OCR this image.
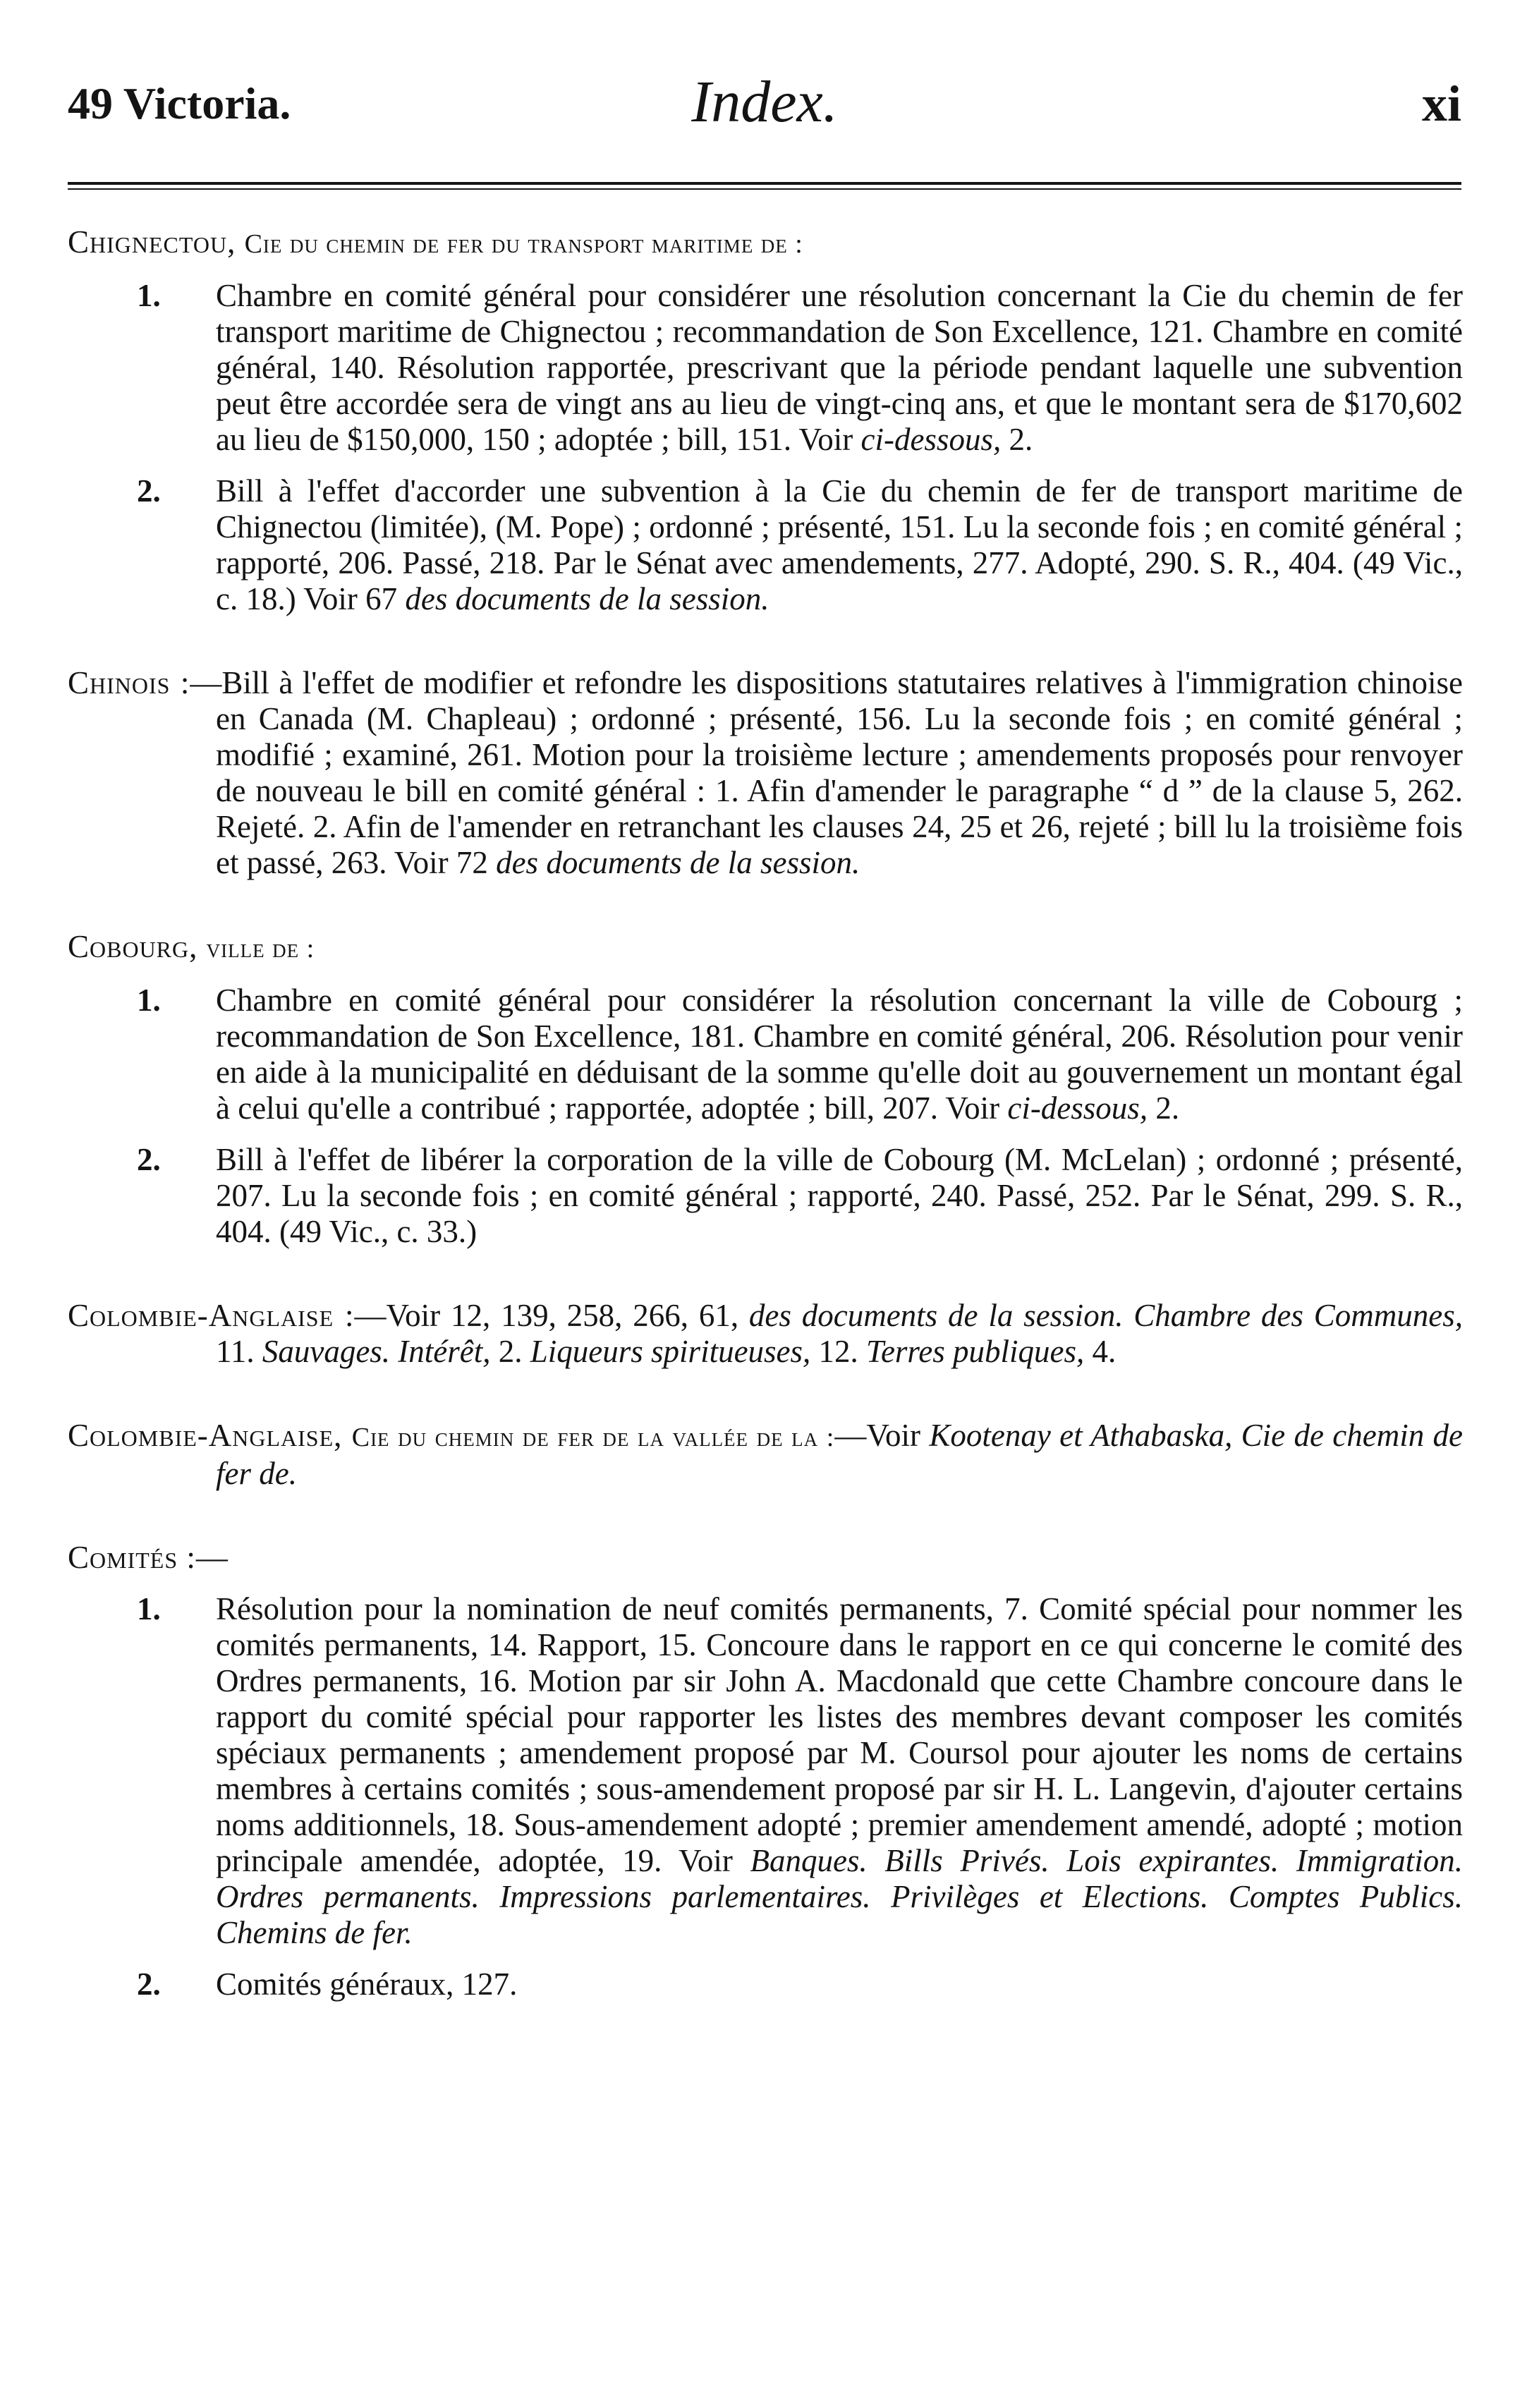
49 Victoria.	Index.	xi
Chignectou, Cie du chemin de fer du transport maritime de :
1. Chambre en comité général pour considérer une résolution concernant la Cie du chemin de fer transport maritime de Chignectou ; recommandation de Son Excellence, 121. Chambre en comité général, 140. Résolution rapportée, prescrivant que la période pendant laquelle une subvention peut être accordée sera de vingt ans au lieu de vingt-cinq ans, et que le montant sera de $170,602 au lieu de $150,000, 150 ; adoptée ; bill, 151. Voir ci-dessous, 2.
2. Bill à l'effet d'accorder une subvention à la Cie du chemin de fer de transport maritime de Chignectou (limitée), (M. Pope) ; ordonné ; présenté, 151. Lu la seconde fois ; en comité général ; rapporté, 206. Passé, 218. Par le Sénat avec amendements, 277. Adopté, 290. S. R., 404. (49 Vic., c. 18.) Voir 67 des documents de la session.
Chinois :—Bill à l'effet de modifier et refondre les dispositions statutaires relatives à l'immigration chinoise en Canada (M. Chapleau) ; ordonné ; présenté, 156. Lu la seconde fois ; en comité général ; modifié ; examiné, 261. Motion pour la troisième lecture ; amendements proposés pour renvoyer de nouveau le bill en comité général : 1. Afin d'amender le paragraphe “ d ” de la clause 5, 262. Rejeté. 2. Afin de l'amender en retranchant les clauses 24, 25 et 26, rejeté ; bill lu la troisième fois et passé, 263. Voir 72 des documents de la session.
Cobourg, ville de :
1. Chambre en comité général pour considérer la résolution concernant la ville de Cobourg ; recommandation de Son Excellence, 181. Chambre en comité général, 206. Résolution pour venir en aide à la municipalité en déduisant de la somme qu'elle doit au gouvernement un montant égal à celui qu'elle a contribué ; rapportée, adoptée ; bill, 207. Voir ci-dessous, 2.
2. Bill à l'effet de libérer la corporation de la ville de Cobourg (M. McLelan) ; ordonné ; présenté, 207. Lu la seconde fois ; en comité général ; rapporté, 240. Passé, 252. Par le Sénat, 299. S. R., 404. (49 Vic., c. 33.)
Colombie-Anglaise :—Voir 12, 139, 258, 266, 61, des documents de la session. Chambre des Communes, 11. Sauvages. Intérêt, 2. Liqueurs spiritueuses, 12. Terres publiques, 4.
Colombie-Anglaise, Cie du chemin de fer de la vallée de la :—Voir Kootenay et Athabaska, Cie de chemin de fer de.
Comités :—
1. Résolution pour la nomination de neuf comités permanents, 7. Comité spécial pour nommer les comités permanents, 14. Rapport, 15. Concoure dans le rapport en ce qui concerne le comité des Ordres permanents, 16. Motion par sir John A. Macdonald que cette Chambre concoure dans le rapport du comité spécial pour rapporter les listes des membres devant composer les comités spéciaux permanents ; amendement proposé par M. Coursol pour ajouter les noms de certains membres à certains comités ; sous-amendement proposé par sir H. L. Langevin, d'ajouter certains noms additionnels, 18. Sous-amendement adopté ; premier amendement amendé, adopté ; motion principale amendée, adoptée, 19. Voir Banques. Bills Privés. Lois expirantes. Immigration. Ordres permanents. Impressions parlementaires. Privilèges et Elections. Comptes Publics. Chemins de fer.
2. Comités généraux, 127.
